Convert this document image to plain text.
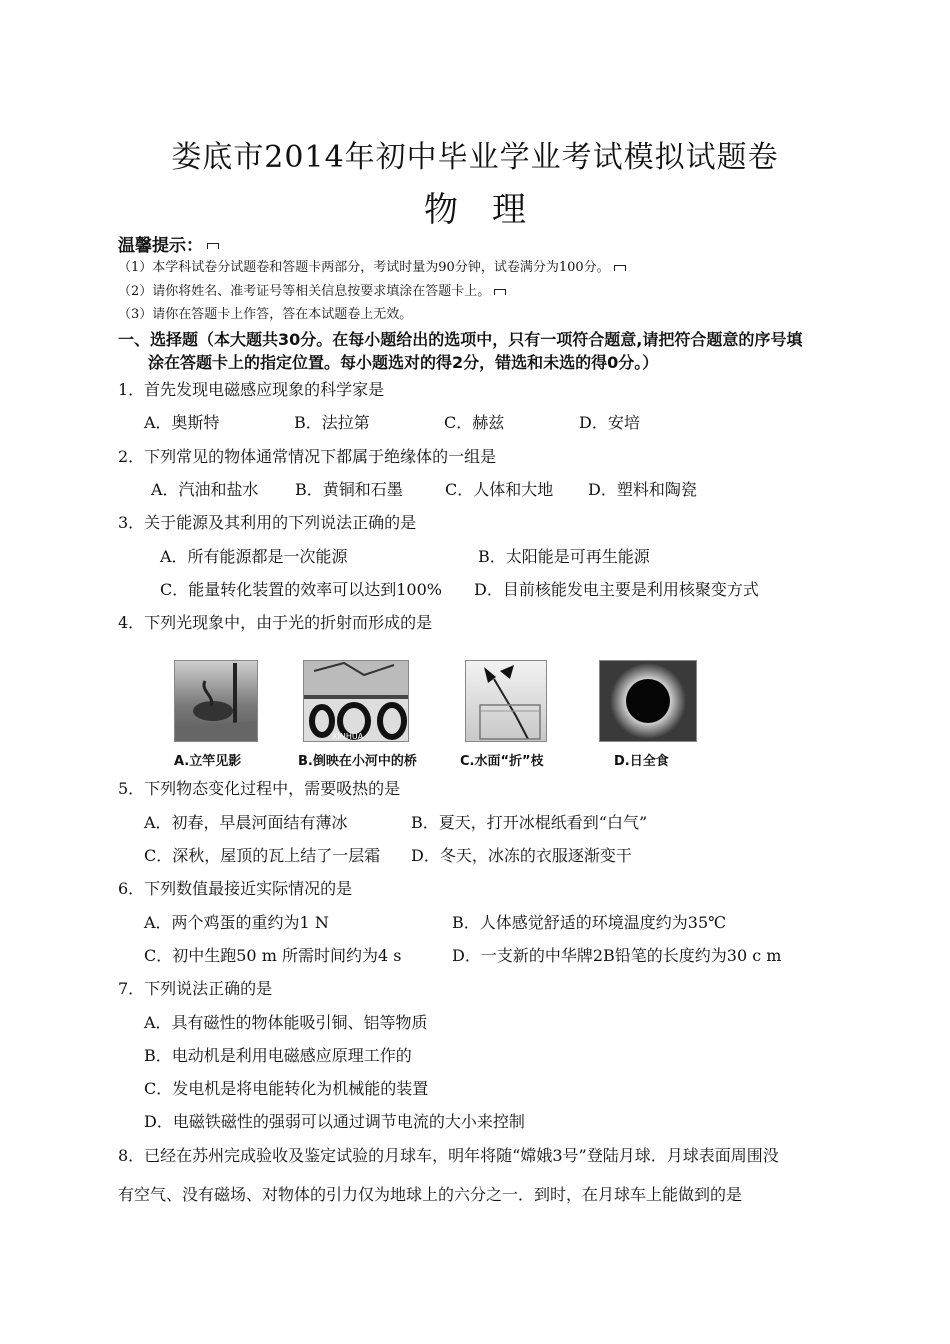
娄底市2014年初中毕业学业考试模拟试题卷
物理
温馨提示：
（1）本学科试卷分试题卷和答题卡两部分，考试时量为90分钟，试卷满分为100分。
（2）请你将姓名、准考证号等相关信息按要求填涂在答题卡上。
（3）请你在答题卡上作答，答在本试题卷上无效。
一、选择题（本大题共30分。在每小题给出的选项中，只有一项符合题意,请把符合题意的序号填
涂在答题卡上的指定位置。每小题选对的得2分，错选和未选的得0分。）
1．首先发现电磁感应现象的科学家是
A．奥斯特	B．法拉第	C．赫兹	D．安培
2．下列常见的物体通常情况下都属于绝缘体的一组是
A．汽油和盐水 B．黄铜和石墨	C．人体和大地 D．塑料和陶瓷
3．关于能源及其利用的下列说法正确的是
A．所有能源都是一次能源	B．太阳能是可再生能源
C．能量转化装置的效率可以达到100% D．目前核能发电主要是利用核聚变方式
4．下列光现象中，由于光的折射而形成的是
XINHUA
A.立竿见影	B.倒映在小河中的桥	C.水面“折”枝	D.日全食
5．下列物态变化过程中，需要吸热的是
A．初春，早晨河面结有薄冰	B．夏天，打开冰棍纸看到“白气”
C．深秋，屋顶的瓦上结了一层霜 D．冬天，冰冻的衣服逐渐变干
6．下列数值最接近实际情况的是
A．两个鸡蛋的重约为1 N	B．人体感觉舒适的环境温度约为35℃
C．初中生跑50 m 所需时间约为4 s	D．一支新的中华牌2B铅笔的长度约为30 c m
7．下列说法正确的是
A．具有磁性的物体能吸引铜、铝等物质
B．电动机是利用电磁感应原理工作的
C．发电机是将电能转化为机械能的装置
D．电磁铁磁性的强弱可以通过调节电流的大小来控制
8．已经在苏州完成验收及鉴定试验的月球车，明年将随“嫦娥3号”登陆月球．月球表面周围没
有空气、没有磁场、对物体的引力仅为地球上的六分之一．到时，在月球车上能做到的是
